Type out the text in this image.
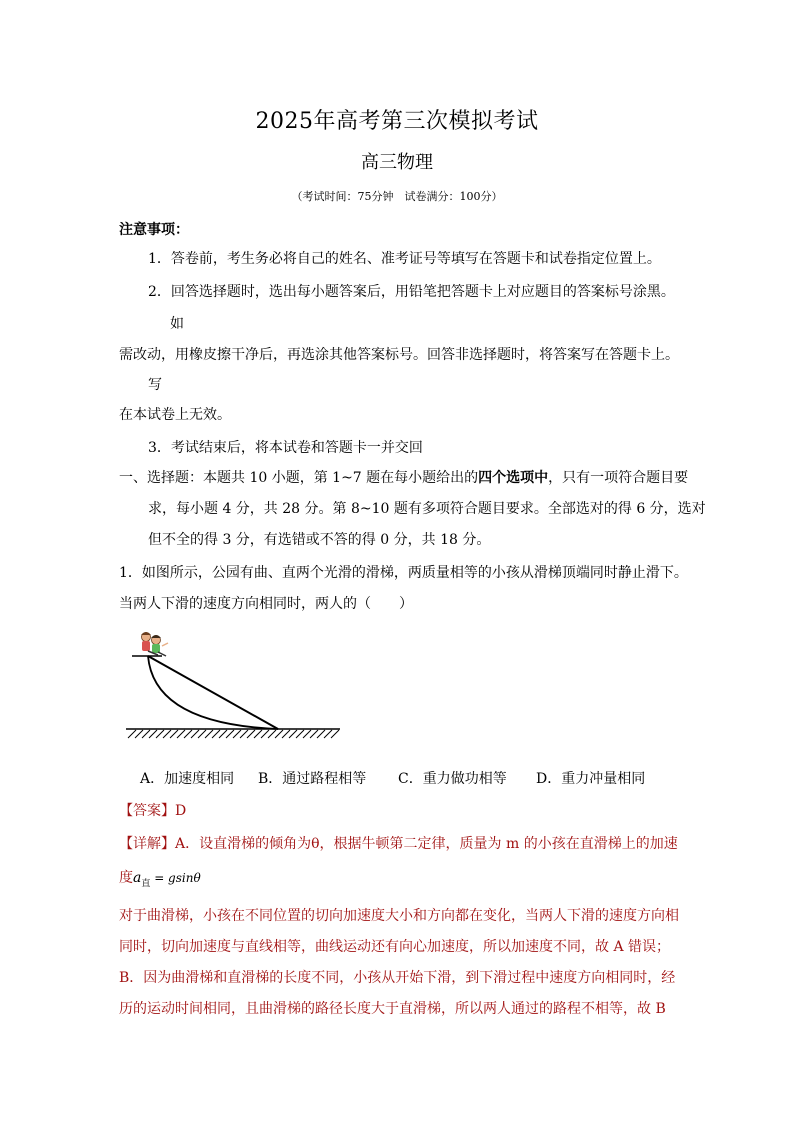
2025年高考第三次模拟考试
高三物理
（考试时间：75分钟　试卷满分：100分）
注意事项：
1．答卷前，考生务必将自己的姓名、准考证号等填写在答题卡和试卷指定位置上。
2．回答选择题时，选出每小题答案后，用铅笔把答题卡上对应题目的答案标号涂黑。
如
需改动，用橡皮擦干净后，再选涂其他答案标号。回答非选择题时，将答案写在答题卡上。
写
在本试卷上无效。
3．考试结束后，将本试卷和答题卡一并交回
一、选择题：本题共 10 小题，第 1~7 题在每小题给出的四个选项中，只有一项符合题目要
求，每小题 4 分，共 28 分。第 8~10 题有多项符合题目要求。全部选对的得 6 分，选对
但不全的得 3 分，有选错或不答的得 0 分，共 18 分。
1．如图所示，公园有曲、直两个光滑的滑梯，两质量相等的小孩从滑梯顶端同时静止滑下。
当两人下滑的速度方向相同时，两人的（　　）
A．加速度相同 B．通过路程相等 C．重力做功相等 D．重力冲量相同
【答案】D
【详解】A．设直滑梯的倾角为θ，根据牛顿第二定律，质量为 m 的小孩在直滑梯上的加速
度$a_直 = gsin\theta$
对于曲滑梯，小孩在不同位置的切向加速度大小和方向都在变化，当两人下滑的速度方向相
同时，切向加速度与直线相等，曲线运动还有向心加速度，所以加速度不同，故 A 错误；
B．因为曲滑梯和直滑梯的长度不同，小孩从开始下滑，到下滑过程中速度方向相同时，经
历的运动时间相同，且曲滑梯的路径长度大于直滑梯，所以两人通过的路程不相等，故 B
